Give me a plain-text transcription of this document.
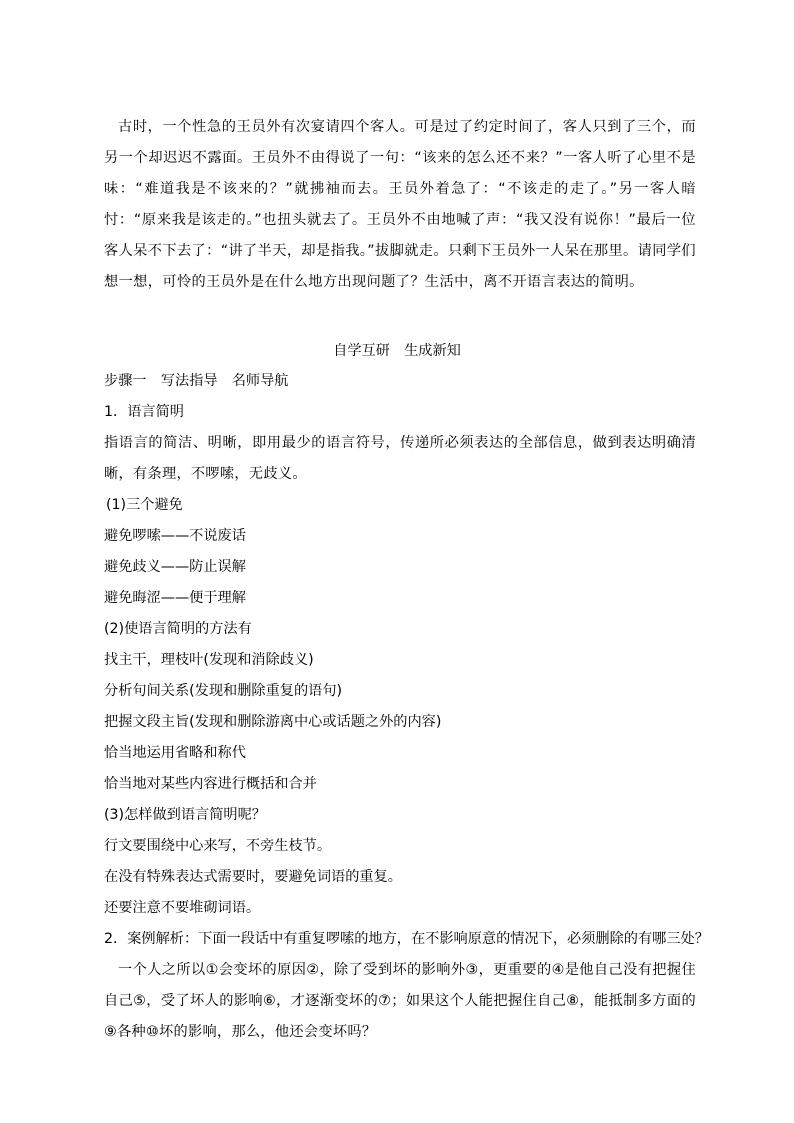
古时，一个性急的王员外有次宴请四个客人。可是过了约定时间了，客人只到了三个，而另一个却迟迟不露面。王员外不由得说了一句：“该来的怎么还不来？”一客人听了心里不是味：“难道我是不该来的？”就拂袖而去。王员外着急了：“不该走的走了。”另一客人暗忖：“原来我是该走的。”也扭头就去了。王员外不由地喊了声：“我又没有说你！”最后一位客人呆不下去了：“讲了半天，却是指我。”拔脚就走。只剩下王员外一人呆在那里。请同学们想一想，可怜的王员外是在什么地方出现问题了？生活中，离不开语言表达的简明。

自学互研　生成新知

步骤一　写法指导　名师导航

1．语言简明

指语言的简洁、明晰，即用最少的语言符号，传递所必须表达的全部信息，做到表达明确清晰，有条理，不啰嗦，无歧义。

(1)三个避免

避免啰嗦——不说废话

避免歧义——防止误解

避免晦涩——便于理解

(2)使语言简明的方法有

找主干，理枝叶(发现和消除歧义)

分析句间关系(发现和删除重复的语句)

把握文段主旨(发现和删除游离中心或话题之外的内容)

恰当地运用省略和称代

恰当地对某些内容进行概括和合并

(3)怎样做到语言简明呢？

行文要围绕中心来写，不旁生枝节。

在没有特殊表达式需要时，要避免词语的重复。

还要注意不要堆砌词语。

2．案例解析：下面一段话中有重复啰嗦的地方，在不影响原意的情况下，必须删除的有哪三处？

一个人之所以①会变坏的原因②，除了受到坏的影响外③，更重要的④是他自己没有把握住自己⑤，受了坏人的影响⑥，才逐渐变坏的⑦；如果这个人能把握住自己⑧，能抵制多方面的⑨各种⑩坏的影响，那么，他还会变坏吗？
